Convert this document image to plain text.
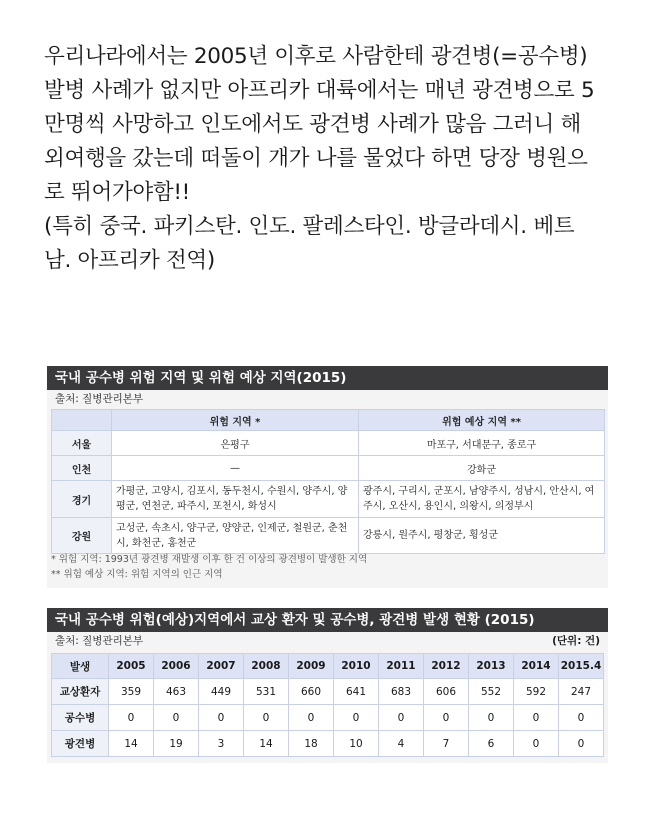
우리나라에서는 2005년 이후로 사람한테 광견병(=공수병)
발병 사례가 없지만 아프리카 대륙에서는 매년 광견병으로 5
만명씩 사망하고 인도에서도 광견병 사례가 많음 그러니 해
외여행을 갔는데 떠돌이 개가 나를 물었다 하면 당장 병원으
로 뛰어가야함!!
(특히 중국. 파키스탄. 인도. 팔레스타인. 방글라데시. 베트
남. 아프리카 전역)
국내 공수병 위험 지역 및 위험 예상 지역(2015)
출처: 질병관리본부
	위험 지역 *	위험 예상 지역 **
서울	은평구	마포구, 서대문구, 종로구
인천	—	강화군
경기	가평군, 고양시, 김포시, 동두천시, 수원시, 양주시, 양평군, 연천군, 파주시, 포천시, 화성시	광주시, 구리시, 군포시, 남양주시, 성남시, 안산시, 여주시, 오산시, 용인시, 의왕시, 의정부시
강원	고성군, 속초시, 양구군, 양양군, 인제군, 철원군, 춘천시, 화천군, 홍천군	강릉시, 원주시, 평창군, 횡성군
* 위험 지역: 1993년 광견병 재발생 이후 한 건 이상의 광견병이 발생한 지역
** 위험 예상 지역: 위험 지역의 인근 지역
국내 공수병 위험(예상)지역에서 교상 환자 및 공수병, 광견병 발생 현황 (2015)
출처: 질병관리본부	(단위: 건)
발생	2005	2006	2007	2008	2009	2010	2011	2012	2013	2014	2015.4
교상환자	359	463	449	531	660	641	683	606	552	592	247
공수병	0	0	0	0	0	0	0	0	0	0	0
광견병	14	19	3	14	18	10	4	7	6	0	0
